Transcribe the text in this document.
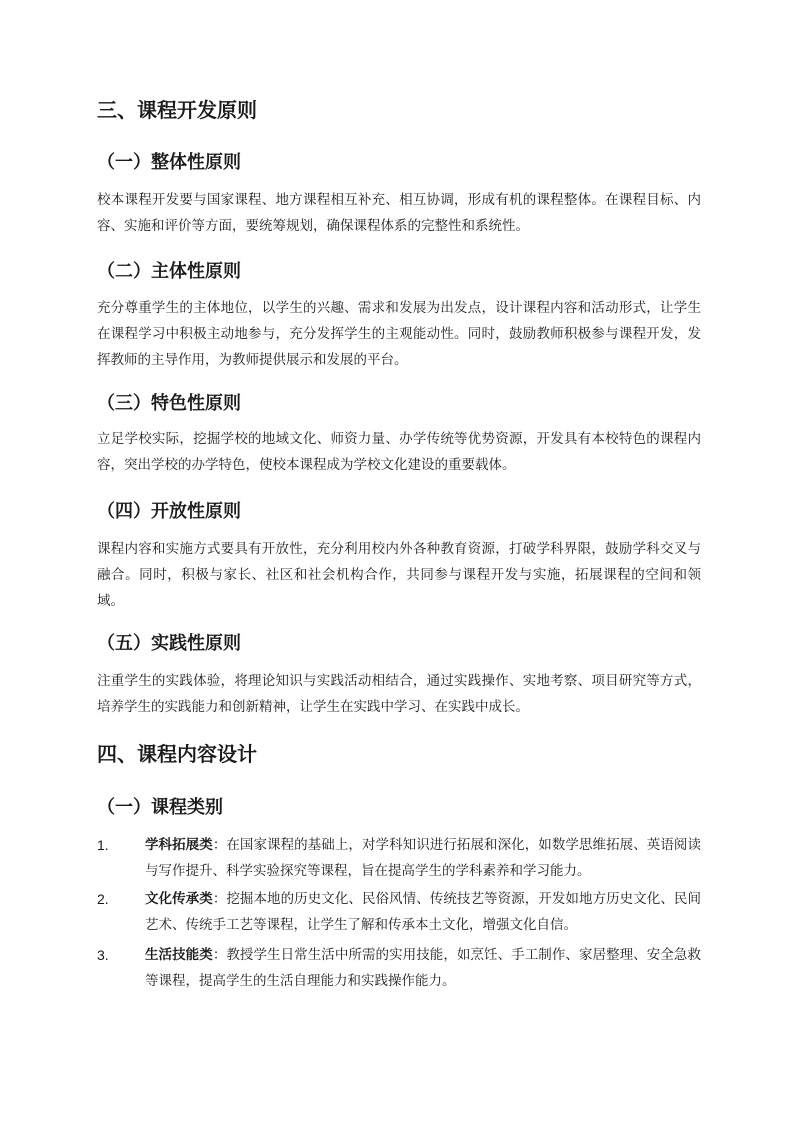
三、课程开发原则
（一）整体性原则

校本课程开发要与国家课程、地方课程相互补充、相互协调，形成有机的课程整体。在课程目标、内容、实施和评价等方面，要统筹规划，确保课程体系的完整性和系统性。

（二）主体性原则

充分尊重学生的主体地位，以学生的兴趣、需求和发展为出发点，设计课程内容和活动形式，让学生在课程学习中积极主动地参与，充分发挥学生的主观能动性。同时，鼓励教师积极参与课程开发，发挥教师的主导作用，为教师提供展示和发展的平台。

（三）特色性原则

立足学校实际，挖掘学校的地域文化、师资力量、办学传统等优势资源，开发具有本校特色的课程内容，突出学校的办学特色，使校本课程成为学校文化建设的重要载体。

（四）开放性原则

课程内容和实施方式要具有开放性，充分利用校内外各种教育资源，打破学科界限，鼓励学科交叉与融合。同时，积极与家长、社区和社会机构合作，共同参与课程开发与实施，拓展课程的空间和领域。

（五）实践性原则

注重学生的实践体验，将理论知识与实践活动相结合，通过实践操作、实地考察、项目研究等方式，培养学生的实践能力和创新精神，让学生在实践中学习、在实践中成长。

四、课程内容设计
（一）课程类别
1.	学科拓展类：在国家课程的基础上，对学科知识进行拓展和深化，如数学思维拓展、英语阅读与写作提升、科学实验探究等课程，旨在提高学生的学科素养和学习能力。

2.	文化传承类：挖掘本地的历史文化、民俗风情、传统技艺等资源，开发如地方历史文化、民间艺术、传统手工艺等课程，让学生了解和传承本土文化，增强文化自信。

3.	生活技能类：教授学生日常生活中所需的实用技能，如烹饪、手工制作、家居整理、安全急救等课程，提高学生的生活自理能力和实践操作能力。
